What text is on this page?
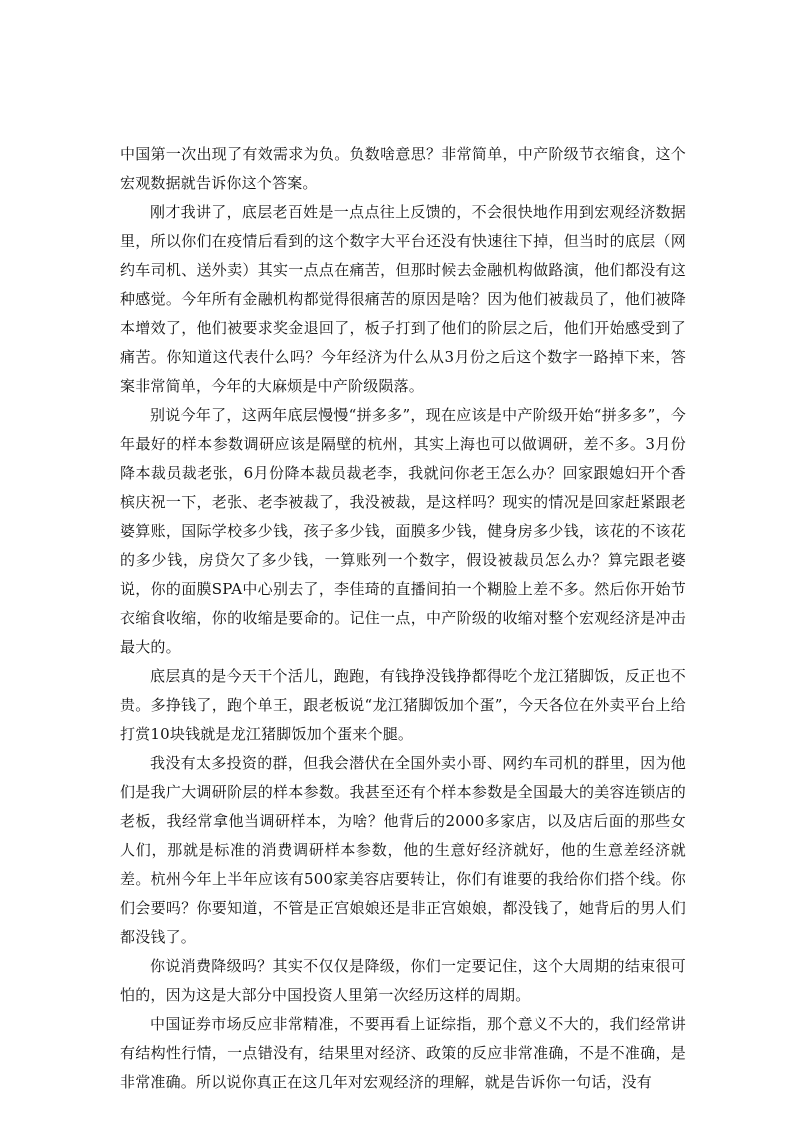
中国第一次出现了有效需求为负。负数啥意思？非常简单，中产阶级节衣缩食，这个宏观数据就告诉你这个答案。

刚才我讲了，底层老百姓是一点点往上反馈的，不会很快地作用到宏观经济数据里，所以你们在疫情后看到的这个数字大平台还没有快速往下掉，但当时的底层（网约车司机、送外卖）其实一点点在痛苦，但那时候去金融机构做路演，他们都没有这种感觉。今年所有金融机构都觉得很痛苦的原因是啥？因为他们被裁员了，他们被降本增效了，他们被要求奖金退回了，板子打到了他们的阶层之后，他们开始感受到了痛苦。你知道这代表什么吗？今年经济为什么从3月份之后这个数字一路掉下来，答案非常简单，今年的大麻烦是中产阶级陨落。

别说今年了，这两年底层慢慢“拼多多”，现在应该是中产阶级开始“拼多多”，今年最好的样本参数调研应该是隔壁的杭州，其实上海也可以做调研，差不多。3月份降本裁员裁老张，6月份降本裁员裁老李，我就问你老王怎么办？回家跟媳妇开个香槟庆祝一下，老张、老李被裁了，我没被裁，是这样吗？现实的情况是回家赶紧跟老婆算账，国际学校多少钱，孩子多少钱，面膜多少钱，健身房多少钱，该花的不该花的多少钱，房贷欠了多少钱，一算账列一个数字，假设被裁员怎么办？算完跟老婆说，你的面膜SPA中心别去了，李佳琦的直播间拍一个糊脸上差不多。然后你开始节衣缩食收缩，你的收缩是要命的。记住一点，中产阶级的收缩对整个宏观经济是冲击最大的。

底层真的是今天干个活儿，跑跑，有钱挣没钱挣都得吃个龙江猪脚饭，反正也不贵。多挣钱了，跑个单王，跟老板说“龙江猪脚饭加个蛋”，今天各位在外卖平台上给打赏10块钱就是龙江猪脚饭加个蛋来个腿。

我没有太多投资的群，但我会潜伏在全国外卖小哥、网约车司机的群里，因为他们是我广大调研阶层的样本参数。我甚至还有个样本参数是全国最大的美容连锁店的老板，我经常拿他当调研样本，为啥？他背后的2000多家店，以及店后面的那些女人们，那就是标准的消费调研样本参数，他的生意好经济就好，他的生意差经济就差。杭州今年上半年应该有500家美容店要转让，你们有谁要的我给你们搭个线。你们会要吗？你要知道，不管是正宫娘娘还是非正宫娘娘，都没钱了，她背后的男人们都没钱了。

你说消费降级吗？其实不仅仅是降级，你们一定要记住，这个大周期的结束很可怕的，因为这是大部分中国投资人里第一次经历这样的周期。

中国证券市场反应非常精准，不要再看上证综指，那个意义不大的，我们经常讲有结构性行情，一点错没有，结果里对经济、政策的反应非常准确，不是不准确，是非常准确。所以说你真正在这几年对宏观经济的理解，就是告诉你一句话，没有
